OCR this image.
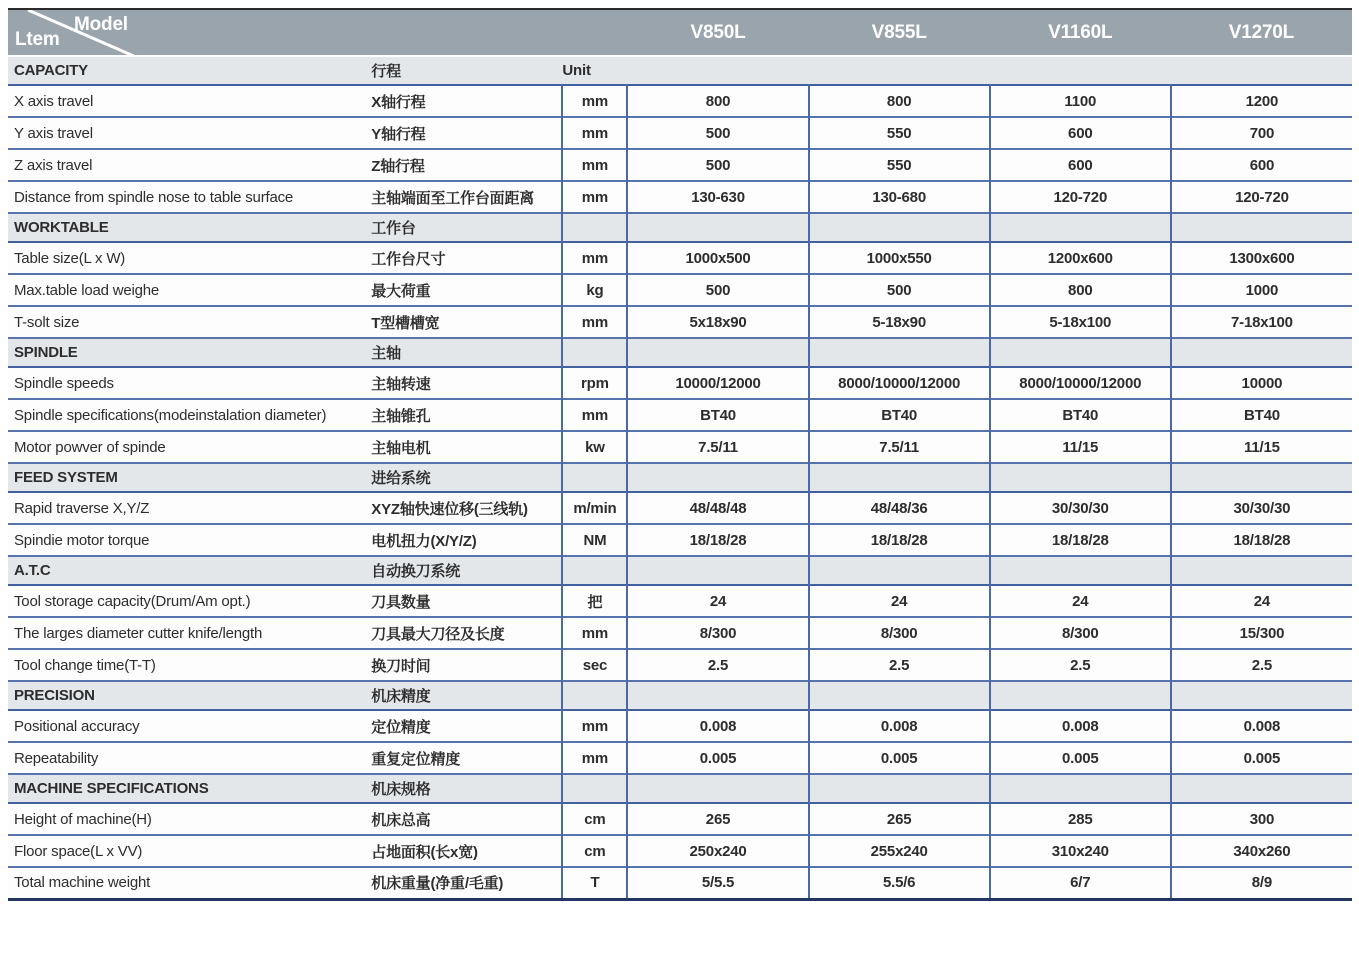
Model
Ltem			V850L	V855L	V1160L	V1270L
CAPACITY	行程	Unit				
X axis travel	X轴行程	mm	800	800	1100	1200
Y axis travel	Y轴行程	mm	500	550	600	700
Z axis travel	Z轴行程	mm	500	550	600	600
Distance from spindle nose to table surface	主轴端面至工作台面距离	mm	130-630	130-680	120-720	120-720
WORKTABLE	工作台					
Table size(L x W)	工作台尺寸	mm	1000x500	1000x550	1200x600	1300x600
Max.table load weighe	最大荷重	kg	500	500	800	1000
T-solt size	T型槽槽宽	mm	5x18x90	5-18x90	5-18x100	7-18x100
SPINDLE	主轴					
Spindle speeds	主轴转速	rpm	10000/12000	8000/10000/12000	8000/10000/12000	10000
Spindle specifications(modeinstalation diameter)	主轴锥孔	mm	BT40	BT40	BT40	BT40
Motor powver of spinde	主轴电机	kw	7.5/11	7.5/11	11/15	11/15
FEED SYSTEM	进给系统					
Rapid traverse X,Y/Z	XYZ轴快速位移(三线轨)	m/min	48/48/48	48/48/36	30/30/30	30/30/30
Spindie motor torque	电机扭力(X/Y/Z)	NM	18/18/28	18/18/28	18/18/28	18/18/28
A.T.C	自动换刀系统					
Tool storage capacity(Drum/Am opt.)	刀具数量	把	24	24	24	24
The larges diameter cutter knife/length	刀具最大刀径及长度	mm	8/300	8/300	8/300	15/300
Tool change time(T-T)	换刀时间	sec	2.5	2.5	2.5	2.5
PRECISION	机床精度					
Positional accuracy	定位精度	mm	0.008	0.008	0.008	0.008
Repeatability	重复定位精度	mm	0.005	0.005	0.005	0.005
MACHINE SPECIFICATIONS	机床规格					
Height of machine(H)	机床总高	cm	265	265	285	300
Floor space(L x VV)	占地面积(长x宽)	cm	250x240	255x240	310x240	340x260
Total machine weight	机床重量(净重/毛重)	T	5/5.5	5.5/6	6/7	8/9
